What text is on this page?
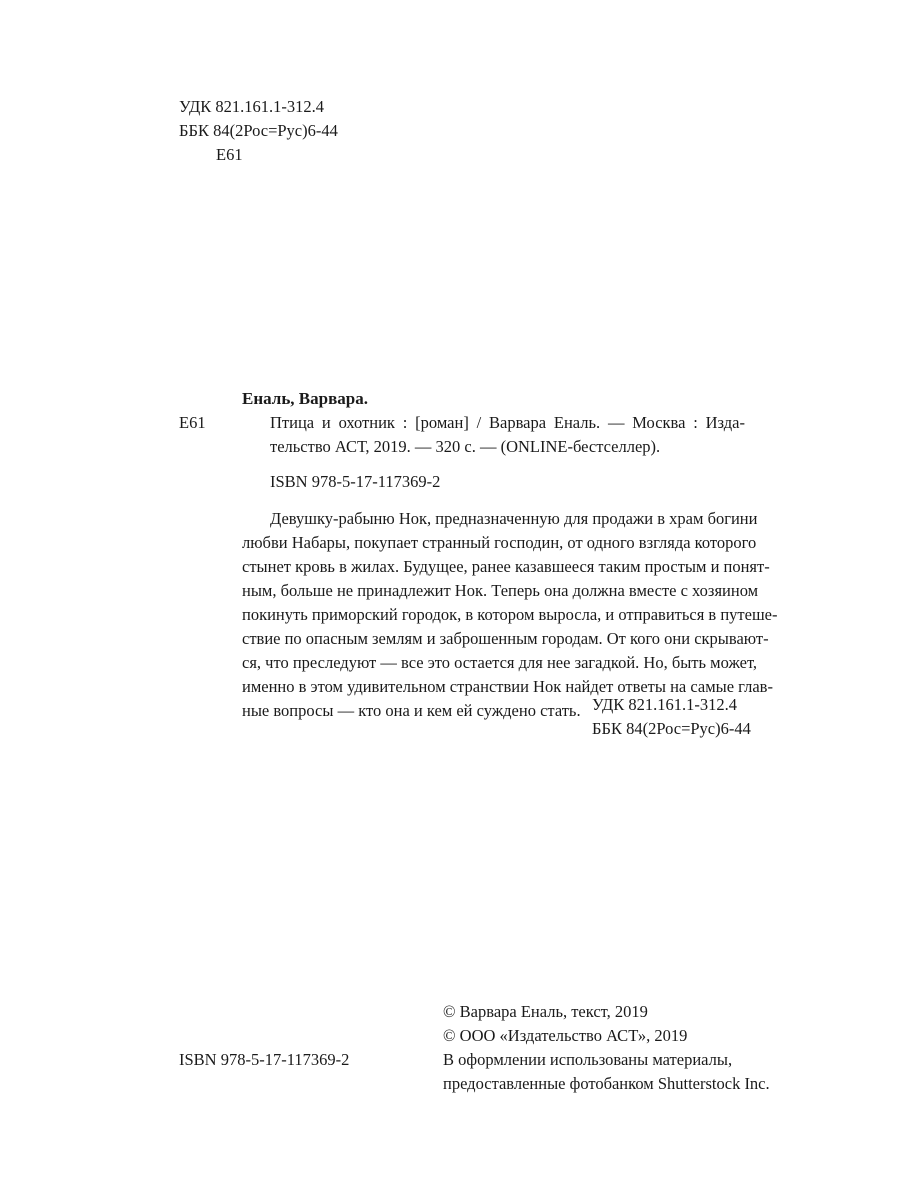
УДК 821.161.1-312.4
ББК 84(2Рос=Рус)6-44
Е61
Еналь, Варвара.
Е61	Птица и охотник : [роман] / Варвара Еналь. — Москва : Изда-
тельство АСТ, 2019. — 320 с. — (ONLINE-бестселлер).
ISBN 978-5-17-117369-2
Девушку-рабыню Нок, предназначенную для продажи в храм богини
любви Набары, покупает странный господин, от одного взгляда которого
стынет кровь в жилах. Будущее, ранее казавшееся таким простым и понят-
ным, больше не принадлежит Нок. Теперь она должна вместе с хозяином
покинуть приморский городок, в котором выросла, и отправиться в путеше-
ствие по опасным землям и заброшенным городам. От кого они скрывают-
ся, что преследуют — все это остается для нее загадкой. Но, быть может,
именно в этом удивительном странствии Нок найдет ответы на самые глав-
ные вопросы — кто она и кем ей суждено стать. УДК 821.161.1-312.4
ББК 84(2Рос=Рус)6-44
© Варвара Еналь, текст, 2019
© ООО «Издательство АСТ», 2019
В оформлении использованы материалы,
предоставленные фотобанком Shutterstock Inc.
ISBN 978-5-17-117369-2
